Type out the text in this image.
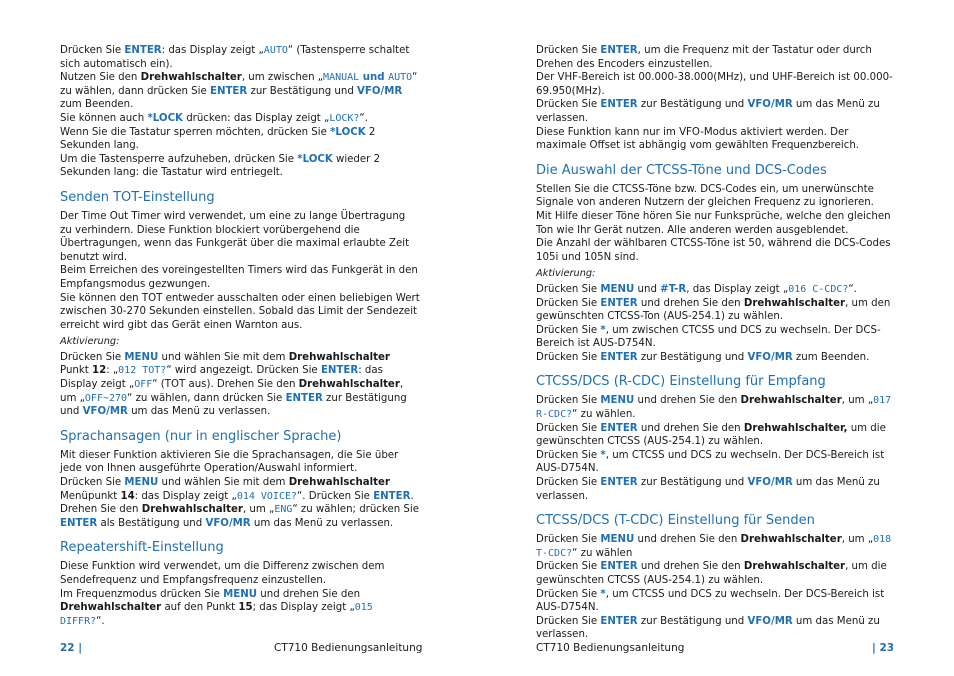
Drücken Sie ENTER: das Display zeigt „AUTO“ (Tastensperre schaltet sich automatisch ein).

Nutzen Sie den Drehwahlschalter, um zwischen „MANUAL und AUTO“ zu wählen, dann drücken Sie ENTER zur Bestätigung und VFO/MR zum Beenden.

Sie können auch *LOCK drücken: das Display zeigt „LOCK?“.

Wenn Sie die Tastatur sperren möchten, drücken Sie *LOCK 2 Sekunden lang.

Um die Tastensperre aufzuheben, drücken Sie *LOCK wieder 2 Sekunden lang: die Tastatur wird entriegelt.

Senden TOT-Einstellung

Der Time Out Timer wird verwendet, um eine zu lange Übertragung zu verhindern. Diese Funktion blockiert vorübergehend die Übertragungen, wenn das Funkgerät über die maximal erlaubte Zeit benutzt wird.

Beim Erreichen des voreingestellten Timers wird das Funkgerät in den Empfangsmodus gezwungen.

Sie können den TOT entweder ausschalten oder einen beliebigen Wert zwischen 30-270 Sekunden einstellen. Sobald das Limit der Sendezeit erreicht wird gibt das Gerät einen Warnton aus.

Aktivierung:

Drücken Sie MENU und wählen Sie mit dem Drehwahlschalter Punkt 12: „012 TOT?“ wird angezeigt. Drücken Sie ENTER: das Display zeigt „OFF“ (TOT aus). Drehen Sie den Drehwahlschalter, um „OFF~270“ zu wählen, dann drücken Sie ENTER zur Bestätigung und VFO/MR um das Menü zu verlassen.

Sprachansagen (nur in englischer Sprache)

Mit dieser Funktion aktivieren Sie die Sprachansagen, die Sie über jede von Ihnen ausgeführte Operation/Auswahl informiert.

Drücken Sie MENU und wählen Sie mit dem Drehwahlschalter Menüpunkt 14: das Display zeigt „014 VOICE?“. Drücken Sie ENTER.

Drehen Sie den Drehwahlschalter, um „ENG“ zu wählen; drücken Sie ENTER als Bestätigung und VFO/MR um das Menü zu verlassen.

Repeatershift-Einstellung

Diese Funktion wird verwendet, um die Differenz zwischen dem Sendefrequenz und Empfangsfrequenz einzustellen.

Im Frequenzmodus drücken Sie MENU und drehen Sie den Drehwahlschalter auf den Punkt 15; das Display zeigt „015 DIFFR?“.

Drücken Sie ENTER, um die Frequenz mit der Tastatur oder durch Drehen des Encoders einzustellen.

Der VHF-Bereich ist 00.000-38.000(MHz), und UHF-Bereich ist 00.000-69.950(MHz).

Drücken Sie ENTER zur Bestätigung und VFO/MR um das Menü zu verlassen.

Diese Funktion kann nur im VFO-Modus aktiviert werden. Der maximale Offset ist abhängig vom gewählten Frequenzbereich.

Die Auswahl der CTCSS-Töne und DCS-Codes

Stellen Sie die CTCSS-Töne bzw. DCS-Codes ein, um unerwünschte Signale von anderen Nutzern der gleichen Frequenz zu ignorieren.

Mit Hilfe dieser Töne hören Sie nur Funksprüche, welche den gleichen Ton wie Ihr Gerät nutzen. Alle anderen werden ausgeblendet.

Die Anzahl der wählbaren CTCSS-Töne ist 50, während die DCS-Codes 105i und 105N sind.

Aktivierung:

Drücken Sie MENU und #T-R, das Display zeigt „016 C-CDC?“.

Drücken Sie ENTER und drehen Sie den Drehwahlschalter, um den gewünschten CTCSS-Ton (AUS-254.1) zu wählen.

Drücken Sie *, um zwischen CTCSS und DCS zu wechseln. Der DCS-Bereich ist AUS-D754N.

Drücken Sie ENTER zur Bestätigung und VFO/MR zum Beenden.

CTCSS/DCS (R-CDC) Einstellung für Empfang

Drücken Sie MENU und drehen Sie den Drehwahlschalter, um „017 R-CDC?“ zu wählen.

Drücken Sie ENTER und drehen Sie den Drehwahlschalter, um die gewünschten CTCSS (AUS-254.1) zu wählen.

Drücken Sie *, um CTCSS und DCS zu wechseln. Der DCS-Bereich ist AUS-D754N.

Drücken Sie ENTER zur Bestätigung und VFO/MR um das Menü zu verlassen.

CTCSS/DCS (T-CDC) Einstellung für Senden

Drücken Sie MENU und drehen Sie den Drehwahlschalter, um „018 T-CDC?“ zu wählen

Drücken Sie ENTER und drehen Sie den Drehwahlschalter, um die gewünschten CTCSS (AUS-254.1) zu wählen.

Drücken Sie *, um CTCSS und DCS zu wechseln. Der DCS-Bereich ist AUS-D754N.

Drücken Sie ENTER zur Bestätigung und VFO/MR um das Menü zu verlassen.

22 |	CT710 Bedienungsanleitung	CT710 Bedienungsanleitung	| 23
